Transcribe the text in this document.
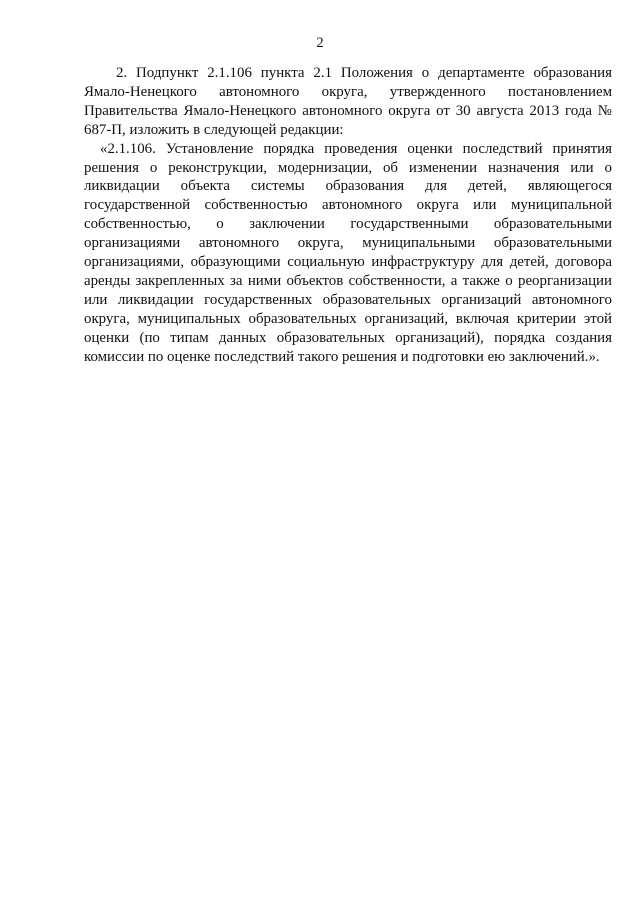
2

2. Подпункт 2.1.106 пункта 2.1 Положения о департаменте образования Ямало-Ненецкого автономного округа, утвержденного постановлением Правительства Ямало-Ненецкого автономного округа от 30 августа 2013 года № 687-П, изложить в следующей редакции:

«2.1.106. Установление порядка проведения оценки последствий принятия решения о реконструкции, модернизации, об изменении назначения или о ликвидации объекта системы образования для детей, являющегося государственной собственностью автономного округа или муниципальной собственностью, о заключении государственными образовательными организациями автономного округа, муниципальными образовательными организациями, образующими социальную инфраструктуру для детей, договора аренды закрепленных за ними объектов собственности, а также о реорганизации или ликвидации государственных образовательных организаций автономного округа, муниципальных образовательных организаций, включая критерии этой оценки (по типам данных образовательных организаций), порядка создания комиссии по оценке последствий такого решения и подготовки ею заключений.».
